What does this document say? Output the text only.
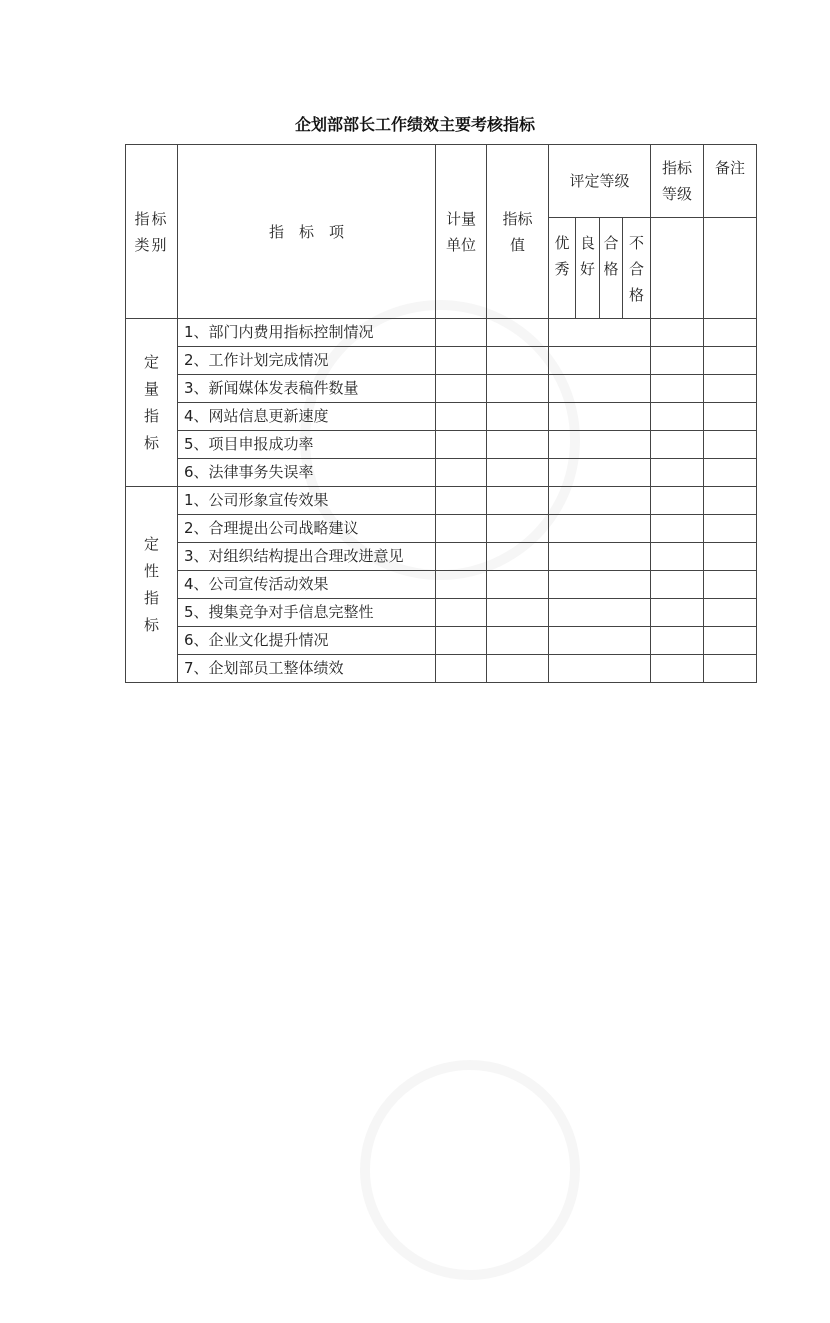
企划部部长工作绩效主要考核指标
指标类别	指　标　项	计量单位	指标值	评定等级				指标等级	备注

				优秀	良好	合格	不合格		

定量指标	1、部门内费用指标控制情况								
	2、工作计划完成情况								
	3、新闻媒体发表稿件数量								
	4、网站信息更新速度								
	5、项目申报成功率								
	6、法律事务失误率								

定性指标	1、公司形象宣传效果								
	2、合理提出公司战略建议								
	3、对组织结构提出合理改进意见								
	4、公司宣传活动效果								
	5、搜集竞争对手信息完整性								
	6、企业文化提升情况								
	7、企划部员工整体绩效								
